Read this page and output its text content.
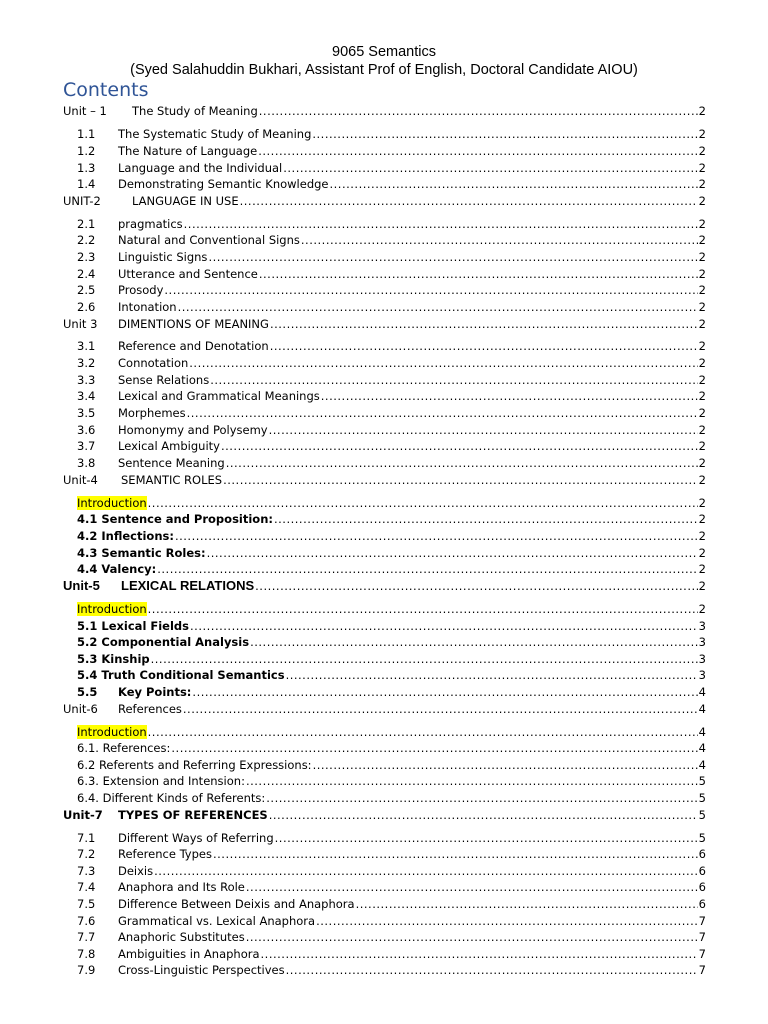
9065 Semantics
(Syed Salahuddin Bukhari, Assistant Prof of English, Doctoral Candidate AIOU)
Contents
Unit – 1	The Study of Meaning .....	2
1.1	The Systematic Study of Meaning .....	2
1.2	The Nature of Language .....	2
1.3	Language and the Individual .....	2
1.4	Demonstrating Semantic Knowledge .....	2
UNIT-2	LANGUAGE IN USE .....	2
2.1	pragmatics .....	2
2.2	Natural and Conventional Signs .....	2
2.3	Linguistic Signs .....	2
2.4	Utterance and Sentence .....	2
2.5	Prosody .....	2
2.6	Intonation .....	2
Unit 3	DIMENTIONS OF MEANING .....	2
3.1	Reference and Denotation .....	2
3.2	Connotation .....	2
3.3	Sense Relations .....	2
3.4	Lexical and Grammatical Meanings .....	2
3.5	Morphemes .....	2
3.6	Homonymy and Polysemy .....	2
3.7	Lexical Ambiguity .....	2
3.8	Sentence Meaning .....	2
Unit-4	SEMANTIC ROLES .....	2
Introduction .....	2
4.1 Sentence and Proposition: .....	2
4.2 Inflections: .....	2
4.3 Semantic Roles: .....	2
4.4 Valency: .....	2
Unit-5	LEXICAL RELATIONS .....	2
Introduction .....	2
5.1 Lexical Fields .....	3
5.2 Componential Analysis .....	3
5.3 Kinship .....	3
5.4 Truth Conditional Semantics .....	3
5.5	Key Points: .....	4
Unit-6	References .....	4
Introduction .....	4
6.1. References: .....	4
6.2 Referents and Referring Expressions: .....	4
6.3. Extension and Intension: .....	5
6.4. Different Kinds of Referents: .....	5
Unit-7	TYPES OF REFERENCES .....	5
7.1	Different Ways of Referring .....	5
7.2	Reference Types .....	6
7.3	Deixis .....	6
7.4	Anaphora and Its Role .....	6
7.5	Difference Between Deixis and Anaphora .....	6
7.6	Grammatical vs. Lexical Anaphora .....	7
7.7	Anaphoric Substitutes .....	7
7.8	Ambiguities in Anaphora .....	7
7.9	Cross-Linguistic Perspectives .....	7
